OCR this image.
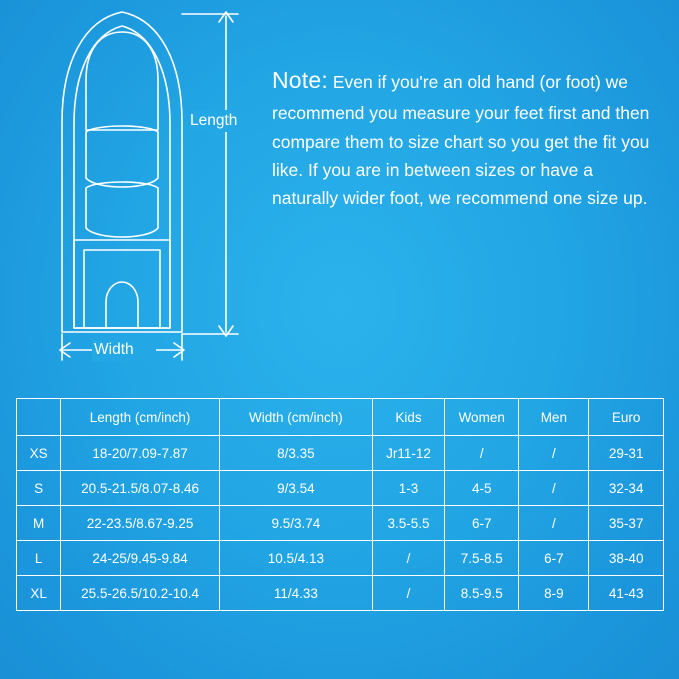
Length
Width
Note: Even if you're an old hand (or foot) we recommend you measure your feet first and then compare them to size chart so you get the fit you like. If you are in between sizes or have a naturally wider foot, we recommend one size up.
	Length (cm/inch)	Width (cm/inch)	Kids	Women	Men	Euro
XS	18-20/7.09-7.87	8/3.35	Jr11-12	/	/	29-31
S	20.5-21.5/8.07-8.46	9/3.54	1-3	4-5	/	32-34
M	22-23.5/8.67-9.25	9.5/3.74	3.5-5.5	6-7	/	35-37
L	24-25/9.45-9.84	10.5/4.13	/	7.5-8.5	6-7	38-40
XL	25.5-26.5/10.2-10.4	11/4.33	/	8.5-9.5	8-9	41-43
